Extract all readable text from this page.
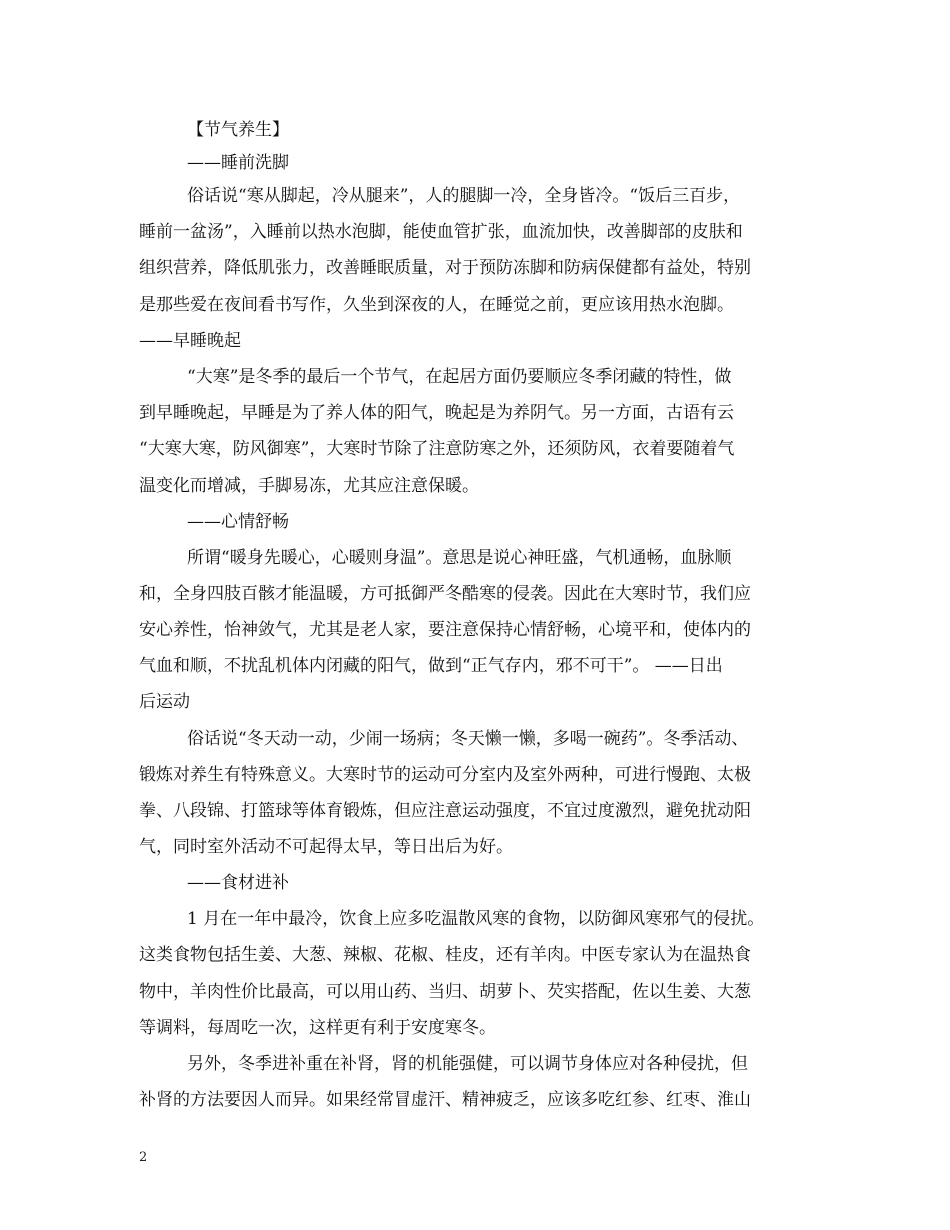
【节气养生】
——睡前洗脚
俗话说“寒从脚起，冷从腿来”，人的腿脚一冷，全身皆冷。“饭后三百步，
睡前一盆汤”，入睡前以热水泡脚，能使血管扩张，血流加快，改善脚部的皮肤和
组织营养，降低肌张力，改善睡眠质量，对于预防冻脚和防病保健都有益处，特别
是那些爱在夜间看书写作，久坐到深夜的人，在睡觉之前，更应该用热水泡脚。
——早睡晚起
“大寒”是冬季的最后一个节气，在起居方面仍要顺应冬季闭藏的特性，做
到早睡晚起，早睡是为了养人体的阳气，晚起是为养阴气。另一方面，古语有云
“大寒大寒，防风御寒”，大寒时节除了注意防寒之外，还须防风，衣着要随着气
温变化而增减，手脚易冻，尤其应注意保暖。
——心情舒畅
所谓“暖身先暖心，心暖则身温”。意思是说心神旺盛，气机通畅，血脉顺
和，全身四肢百骸才能温暖，方可抵御严冬酷寒的侵袭。因此在大寒时节，我们应
安心养性，怡神敛气，尤其是老人家，要注意保持心情舒畅，心境平和，使体内的
气血和顺，不扰乱机体内闭藏的阳气，做到“正气存内，邪不可干”。 ——日出
后运动
俗话说“冬天动一动，少闹一场病；冬天懒一懒，多喝一碗药”。冬季活动、
锻炼对养生有特殊意义。大寒时节的运动可分室内及室外两种，可进行慢跑、太极
拳、八段锦、打篮球等体育锻炼，但应注意运动强度，不宜过度激烈，避免扰动阳
气，同时室外活动不可起得太早，等日出后为好。
——食材进补
1 月在一年中最冷，饮食上应多吃温散风寒的食物，以防御风寒邪气的侵扰。
这类食物包括生姜、大葱、辣椒、花椒、桂皮，还有羊肉。中医专家认为在温热食
物中，羊肉性价比最高，可以用山药、当归、胡萝卜、芡实搭配，佐以生姜、大葱
等调料，每周吃一次，这样更有利于安度寒冬。
另外，冬季进补重在补肾，肾的机能强健，可以调节身体应对各种侵扰，但
补肾的方法要因人而异。如果经常冒虚汗、精神疲乏，应该多吃红参、红枣、淮山
2
